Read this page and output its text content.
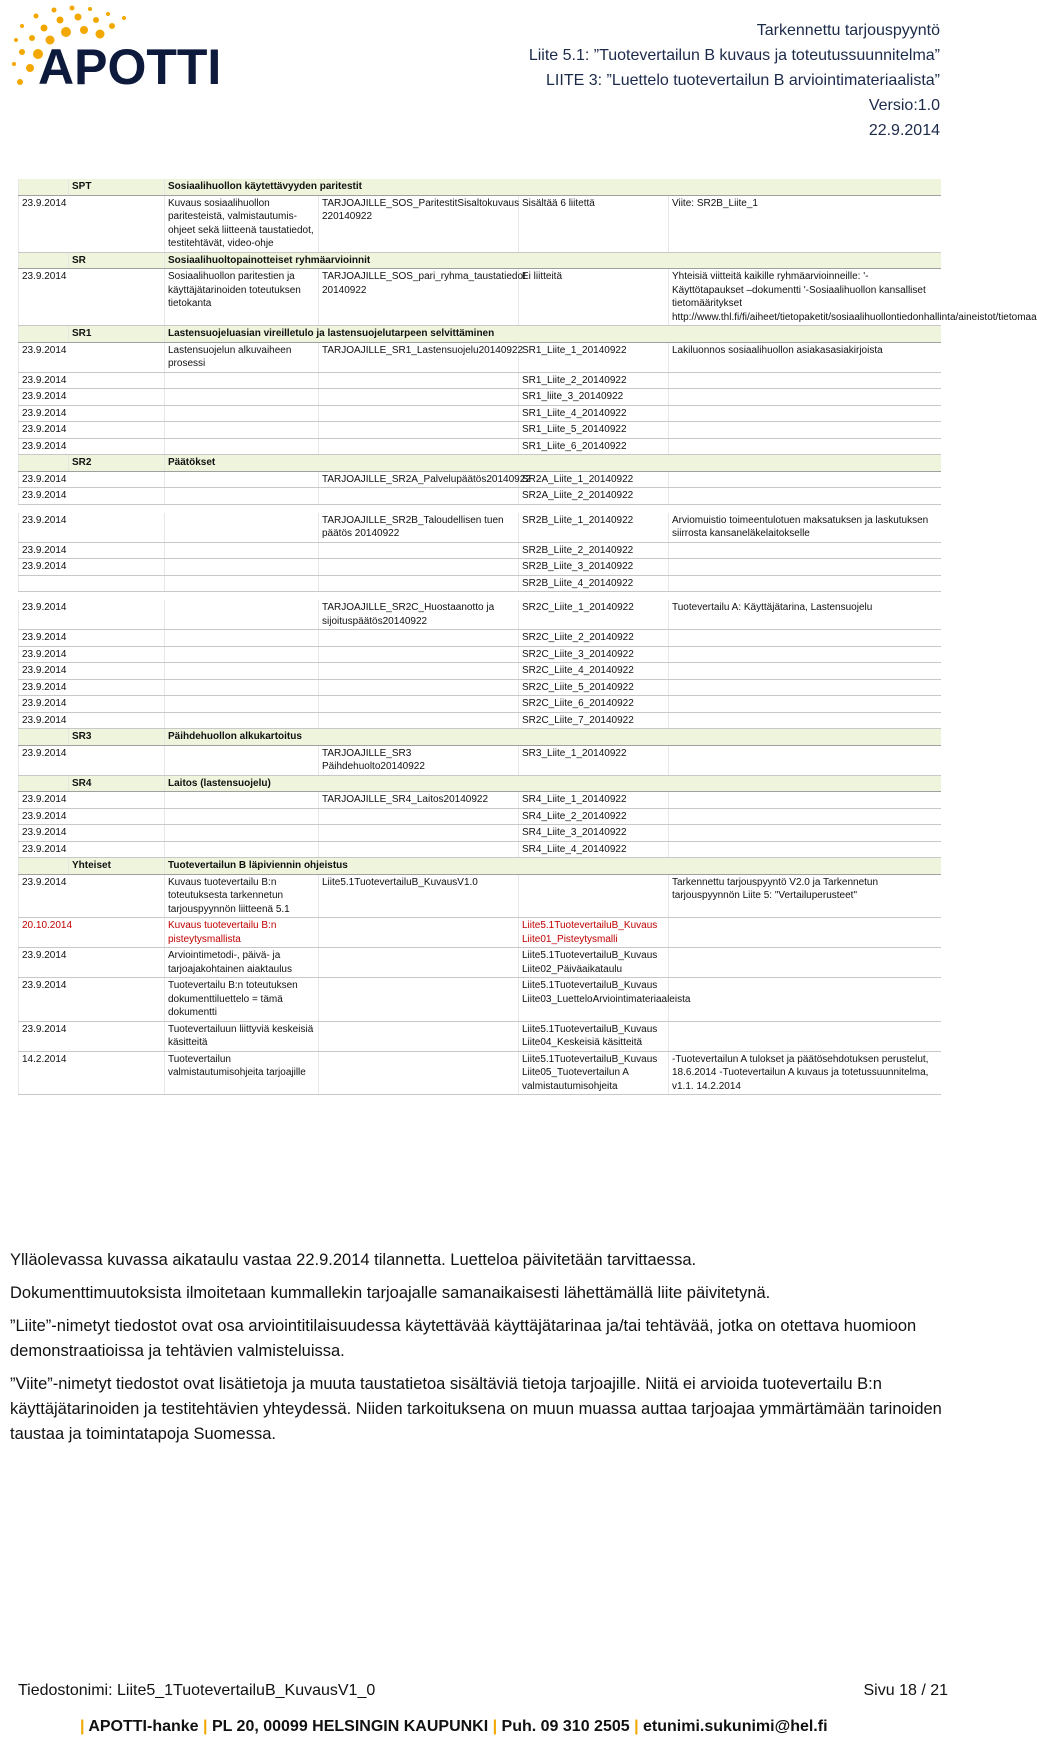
APOTTI
Tarkennettu tarjouspyyntö
Liite 5.1: ”Tuotevertailun B kuvaus ja toteutussuunnitelma”
LIITE 3: ”Luettelo tuotevertailun B arviointimateriaalista”
Versio:1.0
22.9.2014
	SPT	Sosiaalihuollon käytettävyyden paritestit			
23.9.2014		Kuvaus sosiaalihuollon paritesteistä, valmistautumis-ohjeet sekä liitteenä taustatiedot, testitehtävät, video-ohje	TARJOAJILLE_SOS_ParitestitSisaltokuvaus 220140922	Sisältää 6 liitettä	Viite: SR2B_Liite_1
	SR	Sosiaalihuoltopainotteiset ryhmäarvioinnit			
23.9.2014		Sosiaalihuollon paritestien ja käyttäjätarinoiden toteutuksen tietokanta	TARJOAJILLE_SOS_pari_ryhma_taustatiedot 20140922	Ei liitteitä	Yhteisiä viitteitä kaikille ryhmäarvioinneille: '-Käyttötapaukset –dokumentti '-Sosiaalihuollon kansalliset tietomääritykset http://www.thl.fi/fi/aiheet/tietopaketit/sosiaalihuollontiedonhallinta/aineistot/tietomaa
	SR1	Lastensuojeluasian vireilletulo ja lastensuojelutarpeen selvittäminen			
23.9.2014		Lastensuojelun alkuvaiheen prosessi	TARJOAJILLE_SR1_Lastensuojelu20140922	SR1_Liite_1_20140922	Lakiluonnos sosiaalihuollon asiakasasiakirjoista
23.9.2014				SR1_Liite_2_20140922	
23.9.2014				SR1_liite_3_20140922	
23.9.2014				SR1_Liite_4_20140922	
23.9.2014				SR1_Liite_5_20140922	
23.9.2014				SR1_Liite_6_20140922	
	SR2	Päätökset			
23.9.2014			TARJOAJILLE_SR2A_Palvelupäätös20140922	SR2A_Liite_1_20140922	
23.9.2014				SR2A_Liite_2_20140922	

23.9.2014			TARJOAJILLE_SR2B_Taloudellisen tuen päätös 20140922	SR2B_Liite_1_20140922	Arviomuistio toimeentulotuen maksatuksen ja laskutuksen siirrosta kansaneläkelaitokselle
23.9.2014				SR2B_Liite_2_20140922	
23.9.2014				SR2B_Liite_3_20140922	
				SR2B_Liite_4_20140922	

23.9.2014			TARJOAJILLE_SR2C_Huostaanotto ja sijoituspäätös20140922	SR2C_Liite_1_20140922	Tuotevertailu A: Käyttäjätarina, Lastensuojelu
23.9.2014				SR2C_Liite_2_20140922	
23.9.2014				SR2C_Liite_3_20140922	
23.9.2014				SR2C_Liite_4_20140922	
23.9.2014				SR2C_Liite_5_20140922	
23.9.2014				SR2C_Liite_6_20140922	
23.9.2014				SR2C_Liite_7_20140922	
	SR3	Päihdehuollon alkukartoitus			
23.9.2014			TARJOAJILLE_SR3 Päihdehuolto20140922	SR3_Liite_1_20140922	
	SR4	Laitos (lastensuojelu)			
23.9.2014			TARJOAJILLE_SR4_Laitos20140922	SR4_Liite_1_20140922	
23.9.2014				SR4_Liite_2_20140922	
23.9.2014				SR4_Liite_3_20140922	
23.9.2014				SR4_Liite_4_20140922	
	Yhteiset	Tuotevertailun B läpiviennin ohjeistus			
23.9.2014		Kuvaus tuotevertailu B:n toteutuksesta tarkennetun tarjouspyynnön liitteenä 5.1	Liite5.1TuotevertailuB_KuvausV1.0		Tarkennettu tarjouspyyntö V2.0 ja Tarkennetun tarjouspyynnön Liite 5: "Vertailuperusteet"
20.10.2014		Kuvaus tuotevertailu B:n pisteytysmallista		Liite5.1TuotevertailuB_Kuvaus Liite01_Pisteytysmalli	
23.9.2014		Arviointimetodi-, päivä- ja tarjoajakohtainen aiaktaulus		Liite5.1TuotevertailuB_Kuvaus Liite02_Päiväaikataulu	
23.9.2014		Tuotevertailu B:n toteutuksen dokumenttiluettelo = tämä dokumentti		Liite5.1TuotevertailuB_Kuvaus Liite03_LuetteloArviointimateriaaleista	
23.9.2014		Tuotevertailuun liittyviä keskeisiä käsitteitä		Liite5.1TuotevertailuB_Kuvaus Liite04_Keskeisiä käsitteitä	
14.2.2014		Tuotevertailun valmistautumisohjeita tarjoajille		Liite5.1TuotevertailuB_Kuvaus Liite05_Tuotevertailun A valmistautumisohjeita	-Tuotevertailun A tulokset ja päätösehdotuksen perustelut, 18.6.2014 -Tuotevertailun A kuvaus ja totetussuunnitelma, v1.1. 14.2.2014

Ylläolevassa kuvassa aikataulu vastaa 22.9.2014 tilannetta. Luetteloa päivitetään tarvittaessa.

Dokumenttimuutoksista ilmoitetaan kummallekin tarjoajalle samanaikaisesti lähettämällä liite päivitetynä.

”Liite”-nimetyt tiedostot ovat osa arviointitilaisuudessa käytettävää käyttäjätarinaa ja/tai tehtävää, jotka on otettava huomioon demonstraatioissa ja tehtävien valmisteluissa.

”Viite”-nimetyt tiedostot ovat lisätietoja ja muuta taustatietoa sisältäviä tietoja tarjoajille. Niitä ei arvioida tuotevertailu B:n käyttäjätarinoiden ja testitehtävien yhteydessä. Niiden tarkoituksena on muun muassa auttaa tarjoajaa ymmärtämään tarinoiden taustaa ja toimintatapoja Suomessa.

Tiedostonimi: Liite5_1TuotevertailuB_KuvausV1_0	Sivu 18 / 21
| APOTTI-hanke | PL 20, 00099 HELSINGIN KAUPUNKI | Puh. 09 310 2505 | etunimi.sukunimi@hel.fi
